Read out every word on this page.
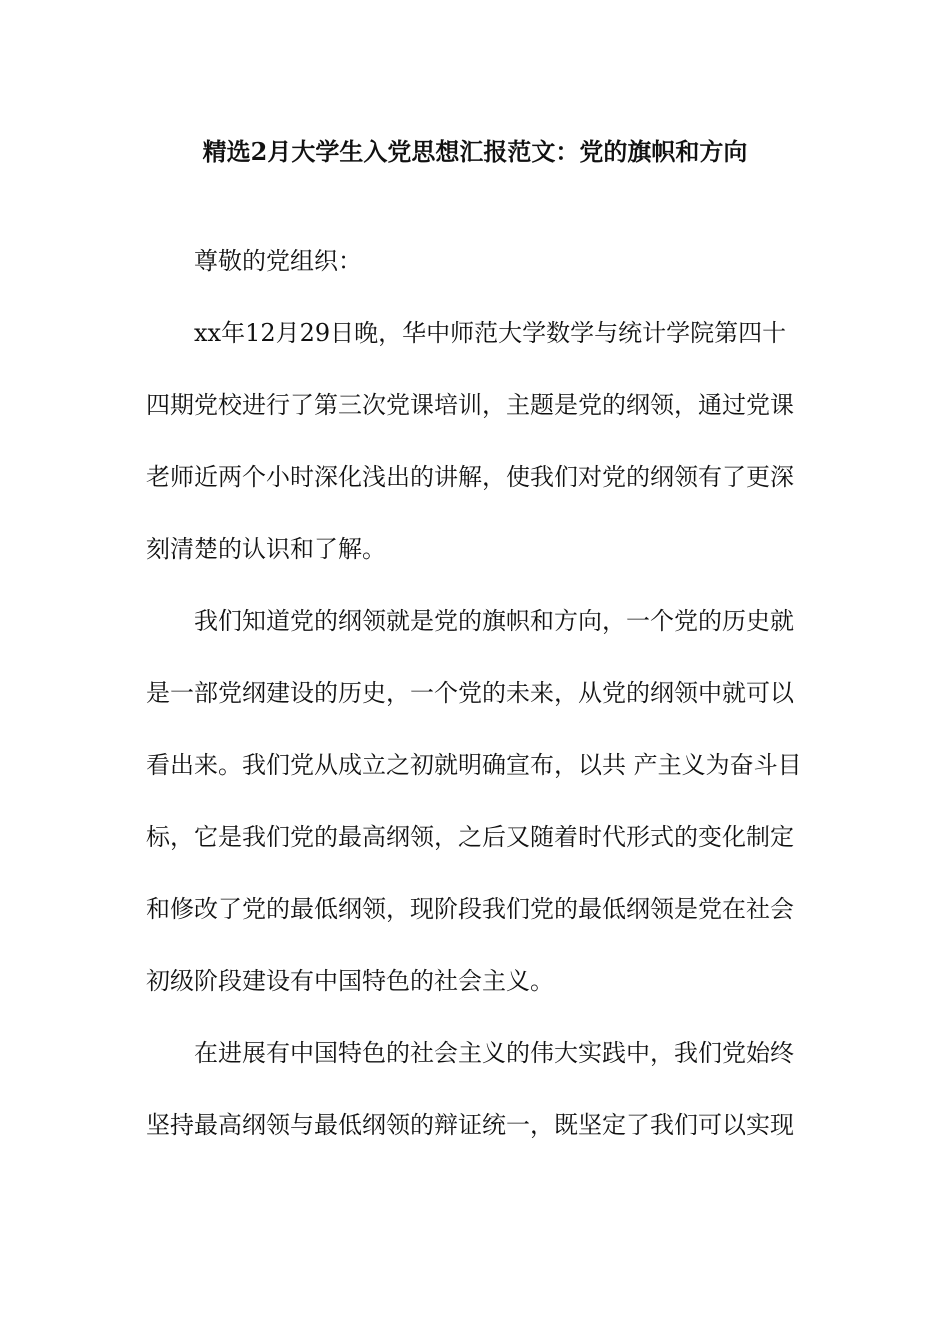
精选2月大学生入党思想汇报范文：党的旗帜和方向

尊敬的党组织：

xx年12月29日晚，华中师范大学数学与统计学院第四十
四期党校进行了第三次党课培训，主题是党的纲领，通过党课
老师近两个小时深化浅出的讲解，使我们对党的纲领有了更深
刻清楚的认识和了解。

我们知道党的纲领就是党的旗帜和方向，一个党的历史就
是一部党纲建设的历史，一个党的未来，从党的纲领中就可以
看出来。我们党从成立之初就明确宣布，以共 产主义为奋斗目
标，它是我们党的最高纲领，之后又随着时代形式的变化制定
和修改了党的最低纲领，现阶段我们党的最低纲领是党在社会
初级阶段建设有中国特色的社会主义。

在进展有中国特色的社会主义的伟大实践中，我们党始终
坚持最高纲领与最低纲领的辩证统一，既坚定了我们可以实现
